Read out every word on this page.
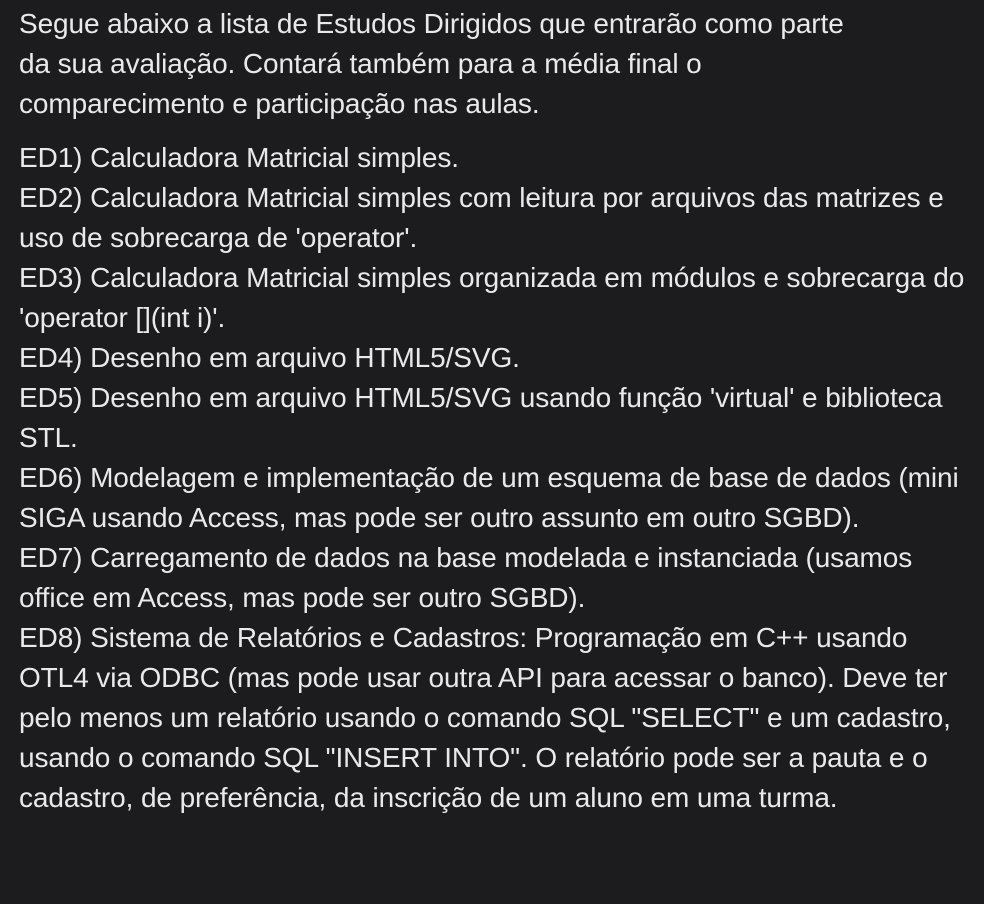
Segue abaixo a lista de Estudos Dirigidos que entrarão como parte
da sua avaliação. Contará também para a média final o
comparecimento e participação nas aulas.

ED1) Calculadora Matricial simples.
ED2) Calculadora Matricial simples com leitura por arquivos das matrizes e uso de sobrecarga de 'operator'.
ED3) Calculadora Matricial simples organizada em módulos e sobrecarga do 'operator [](int i)'.
ED4) Desenho em arquivo HTML5/SVG.
ED5) Desenho em arquivo HTML5/SVG usando função 'virtual' e biblioteca STL.
ED6) Modelagem e implementação de um esquema de base de dados (mini SIGA usando Access, mas pode ser outro assunto em outro SGBD).
ED7) Carregamento de dados na base modelada e instanciada (usamos office em Access, mas pode ser outro SGBD).
ED8) Sistema de Relatórios e Cadastros: Programação em C++ usando OTL4 via ODBC (mas pode usar outra API para acessar o banco). Deve ter pelo menos um relatório usando o comando SQL "SELECT" e um cadastro, usando o comando SQL "INSERT INTO". O relatório pode ser a pauta e o cadastro, de preferência, da inscrição de um aluno em uma turma.
